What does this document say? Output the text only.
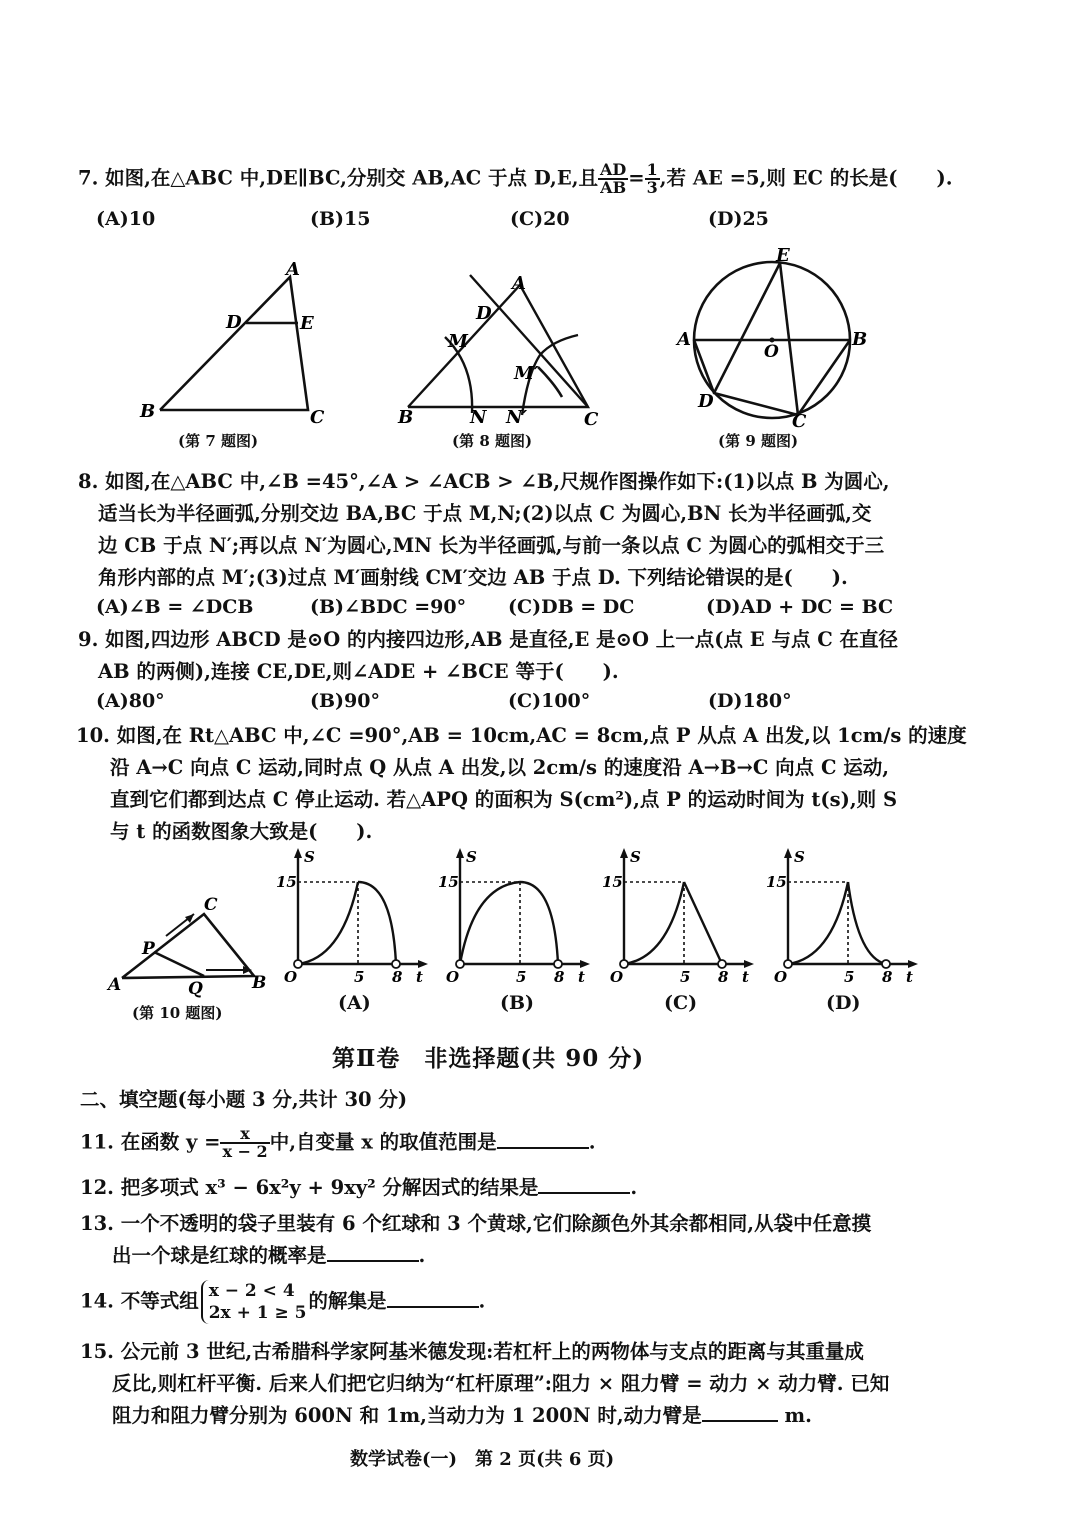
7. 如图,在△ABC 中,DE∥BC,分别交 AB,AC 于点 D,E,且 $\frac{AD}{AB} = \frac{1}{3}$ ,若 AE =5,则 EC 的长是(　　).
(A)10	(B)15	(C)20	(D)25
A
D	E
B	C
(第 7 题图)
A
D
M
M′
B	N N′	C
(第 8 题图)
E
A
O
B
D
C
(第 9 题图)
8. 如图,在△ABC 中,∠B =45°,∠A > ∠ACB > ∠B,尺规作图操作如下:(1)以点 B 为圆心,
适当长为半径画弧,分别交边 BA,BC 于点 M,N;(2)以点 C 为圆心,BN 长为半径画弧,交
边 CB 于点 N′;再以点 N′为圆心,MN 长为半径画弧,与前一条以点 C 为圆心的弧相交于三
角形内部的点 M′;(3)过点 M′画射线 CM′交边 AB 于点 D. 下列结论错误的是(　　).
(A)∠B = ∠DCB	(B)∠BDC =90° (C)DB = DC	(D)AD + DC = BC
9. 如图,四边形 ABCD 是⊙O 的内接四边形,AB 是直径,E 是⊙O 上一点(点 E 与点 C 在直径
AB 的两侧),连接 CE,DE,则∠ADE + ∠BCE 等于(　　).
(A)80°	(B)90°	(C)100°	(D)180°
10. 如图,在 Rt△ABC 中,∠C =90°,AB = 10cm,AC = 8cm,点 P 从点 A 出发,以 1cm/s 的速度
沿 A→C 向点 C 运动,同时点 Q 从点 A 出发,以 2cm/s 的速度沿 A→B→C 向点 C 运动,
直到它们都到达点 C 停止运动. 若△APQ 的面积为 S(cm²),点 P 的运动时间为 t(s),则 S
与 t 的函数图象大致是(　　).
C
P
A	Q	B
(第 10 题图)
S
15
O	5 8 t
(A)
S
15
O	5 8 t
(B)
S
15
O	5 8 t
(C)
S
15
O	5 8 t
(D)
第Ⅱ卷　非选择题(共 90 分)
二、填空题(每小题 3 分,共计 30 分)
11. 在函数 $y = \frac{x}{x - 2}$ 中,自变量 x 的取值范围是	.
12. 把多项式 x³ − 6x²y + 9xy² 分解因式的结果是	.
13. 一个不透明的袋子里装有 6 个红球和 3 个黄球,它们除颜色外其余都相同,从袋中任意摸
出一个球是红球的概率是	.
14. 不等式组 x − 2 < 4
2x + 1 ≥ 5
的解集是	.
15. 公元前 3 世纪,古希腊科学家阿基米德发现:若杠杆上的两物体与支点的距离与其重量成
反比,则杠杆平衡. 后来人们把它归纳为“杠杆原理”:阻力 × 阻力臂 = 动力 × 动力臂. 已知
阻力和阻力臂分别为 600N 和 1m,当动力为 1 200N 时,动力臂是	m.
数学试卷(一)　第 2 页(共 6 页)
